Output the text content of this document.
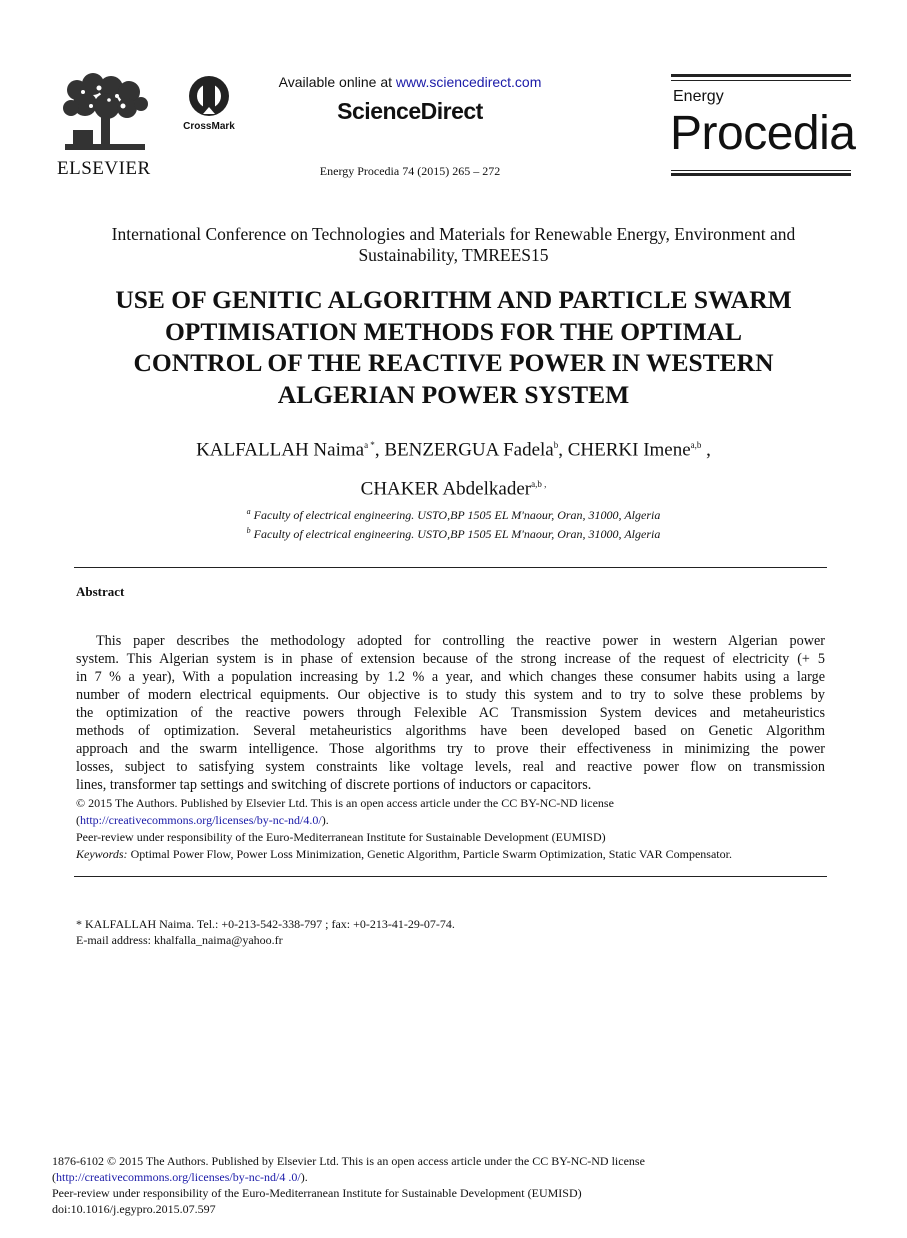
ELSEVIER
CrossMark
Available online at www.sciencedirect.com
ScienceDirect
Energy Procedia 74 (2015) 265 – 272
Energy
Procedia
International Conference on Technologies and Materials for Renewable Energy, Environment and
Sustainability, TMREES15
USE OF GENITIC ALGORITHM AND PARTICLE SWARM
OPTIMISATION METHODS FOR THE OPTIMAL
CONTROL OF THE REACTIVE POWER IN WESTERN
ALGERIAN POWER SYSTEM
KALFALLAH Naima$^{a *}$, BENZERGUA Fadela$^b$, CHERKI Imene$^{a,b}$ ,
CHAKER Abdelkader$^{a,b ,}$
$^a$ Faculty of electrical engineering. USTO,BP 1505 EL M'naour, Oran, 31000, Algeria
$^b$ Faculty of electrical engineering. USTO,BP 1505 EL M'naour, Oran, 31000, Algeria
Abstract
This paper describes the methodology adopted for controlling the reactive power in western Algerian power
system. This Algerian system is in phase of extension because of the strong increase of the request of electricity (+ 5
in 7 % a year), With a population increasing by 1.2 % a year, and which changes these consumer habits using a large
number of modern electrical equipments. Our objective is to study this system and to try to solve these problems by
the optimization of the reactive powers through Felexible AC Transmission System devices and metaheuristics
methods of optimization. Several metaheuristics algorithms have been developed based on Genetic Algorithm
approach and the swarm intelligence. Those algorithms try to prove their effectiveness in minimizing the power
losses, subject to satisfying system constraints like voltage levels, real and reactive power flow on transmission
lines, transformer tap settings and switching of discrete portions of inductors or capacitors.
© 2015 The Authors. Published by Elsevier Ltd. This is an open access article under the CC BY-NC-ND license
(http://creativecommons.org/licenses/by-nc-nd/4.0/).
Peer-review under responsibility of the Euro-Mediterranean Institute for Sustainable Development (EUMISD)
Keywords: Optimal Power Flow, Power Loss Minimization, Genetic Algorithm, Particle Swarm Optimization, Static VAR Compensator.
* KALFALLAH Naima. Tel.: +0-213-542-338-797 ; fax: +0-213-41-29-07-74.
E-mail address: khalfalla_naima@yahoo.fr
1876-6102 © 2015 The Authors. Published by Elsevier Ltd. This is an open access article under the CC BY-NC-ND license
(http://creativecommons.org/licenses/by-nc-nd/4 .0/).
Peer-review under responsibility of the Euro-Mediterranean Institute for Sustainable Development (EUMISD)
doi:10.1016/j.egypro.2015.07.597
